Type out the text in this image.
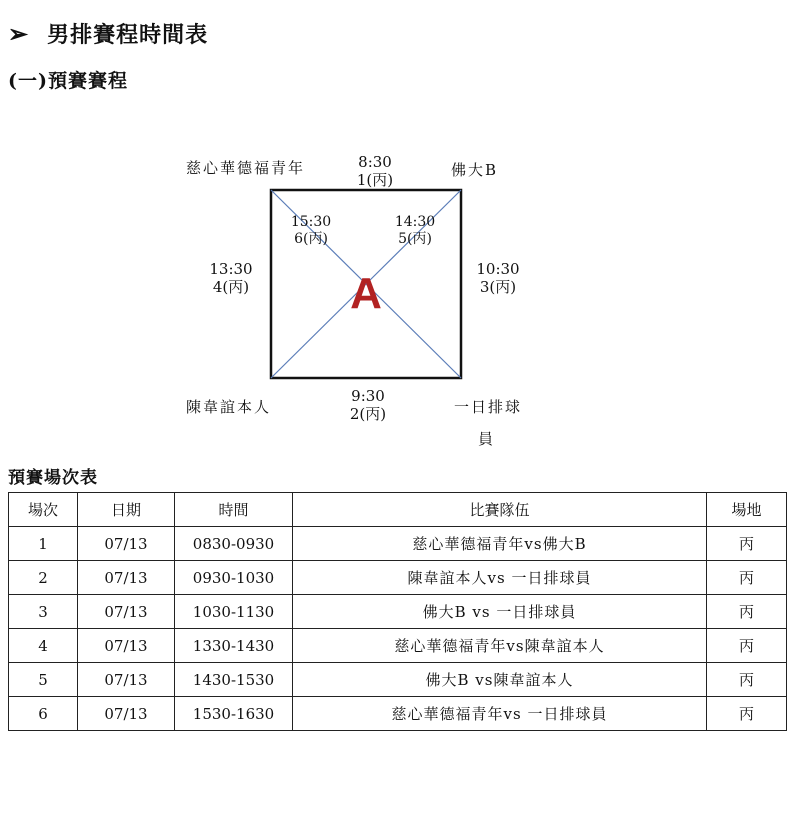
➢ 男排賽程時間表
(一)預賽賽程
A
慈心華德福青年	佛大B
陳韋誼本人	一日排球
員
8:30
1(丙)
9:30
2(丙)
10:30
3(丙)
13:30
4(丙)
14:30
5(丙)
15:30
6(丙)
預賽場次表
場次	日期	時間	比賽隊伍	場地
1	07/13	0830-0930	慈心華德福青年vs佛大B	丙
2	07/13	0930-1030	陳韋誼本人vs 一日排球員	丙
3	07/13	1030-1130	佛大B vs 一日排球員	丙
4	07/13	1330-1430	慈心華德福青年vs陳韋誼本人	丙
5	07/13	1430-1530	佛大B vs陳韋誼本人	丙
6	07/13	1530-1630	慈心華德福青年vs 一日排球員	丙
